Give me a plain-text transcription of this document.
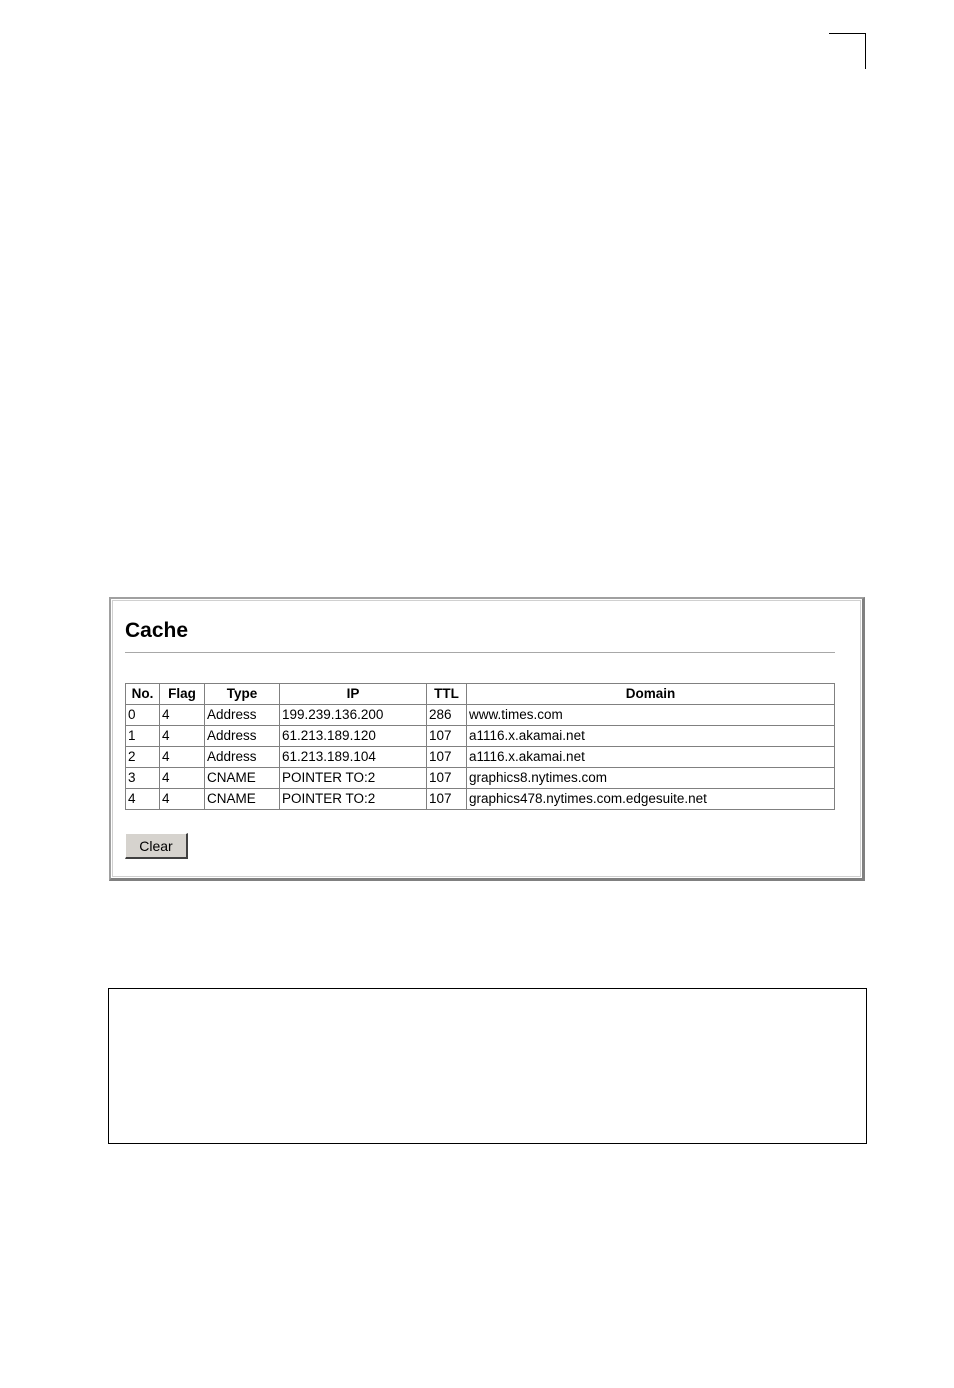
Cache
No.	Flag	Type	IP	TTL	Domain
0	4	Address	199.239.136.200	286	www.times.com
1	4	Address	61.213.189.120	107	a1116.x.akamai.net
2	4	Address	61.213.189.104	107	a1116.x.akamai.net
3	4	CNAME	POINTER TO:2	107	graphics8.nytimes.com
4	4	CNAME	POINTER TO:2	107	graphics478.nytimes.com.edgesuite.net
Clear
